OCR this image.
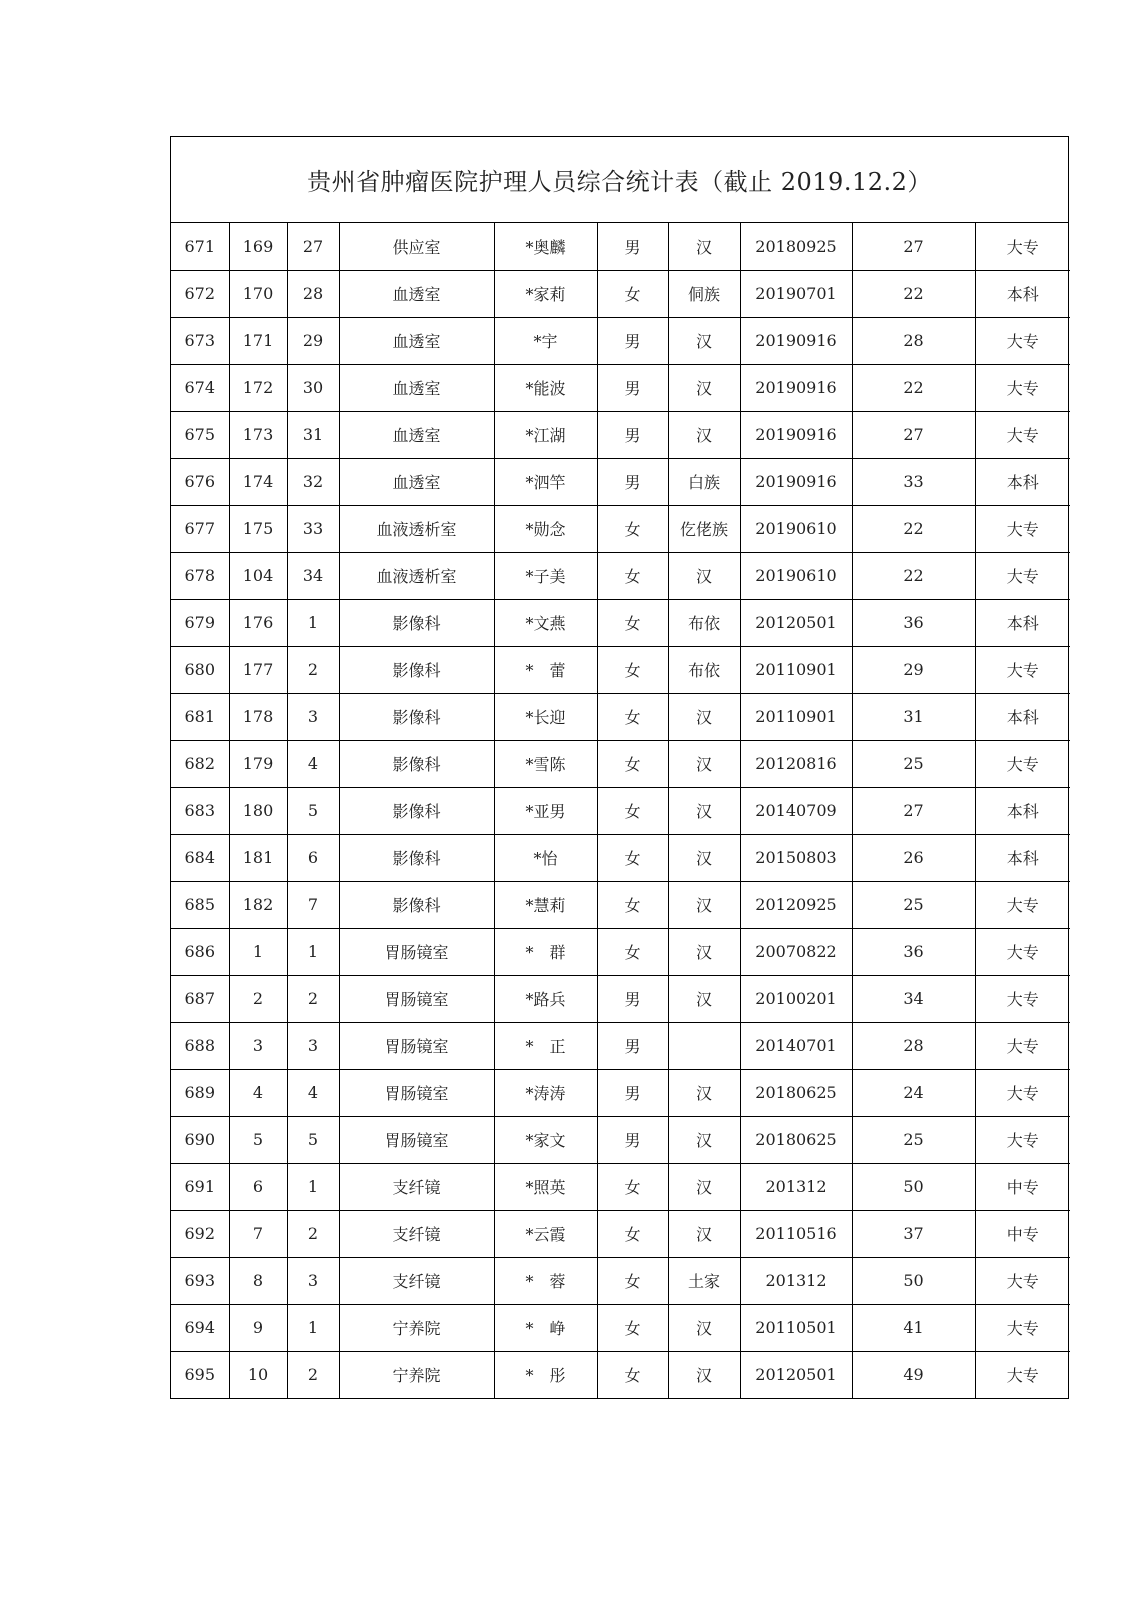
贵州省肿瘤医院护理人员综合统计表（截止 2019.12.2）
671	169	27	供应室	*奥麟	男	汉	20180925	27	大专
672	170	28	血透室	*家莉	女	侗族	20190701	22	本科
673	171	29	血透室	*宇	男	汉	20190916	28	大专
674	172	30	血透室	*能波	男	汉	20190916	22	大专
675	173	31	血透室	*江湖	男	汉	20190916	27	大专
676	174	32	血透室	*泗竿	男	白族	20190916	33	本科
677	175	33	血液透析室	*勋念	女	仡佬族	20190610	22	大专
678	104	34	血液透析室	*子美	女	汉	20190610	22	大专
679	176	1	影像科	*文燕	女	布依	20120501	36	本科
680	177	2	影像科	*　蕾	女	布依	20110901	29	大专
681	178	3	影像科	*长迎	女	汉	20110901	31	本科
682	179	4	影像科	*雪陈	女	汉	20120816	25	大专
683	180	5	影像科	*亚男	女	汉	20140709	27	本科
684	181	6	影像科	*怡	女	汉	20150803	26	本科
685	182	7	影像科	*慧莉	女	汉	20120925	25	大专
686	1	1	胃肠镜室	*　群	女	汉	20070822	36	大专
687	2	2	胃肠镜室	*路兵	男	汉	20100201	34	大专
688	3	3	胃肠镜室	*　正	男		20140701	28	大专
689	4	4	胃肠镜室	*涛涛	男	汉	20180625	24	大专
690	5	5	胃肠镜室	*家文	男	汉	20180625	25	大专
691	6	1	支纤镜	*照英	女	汉	201312	50	中专
692	7	2	支纤镜	*云霞	女	汉	20110516	37	中专
693	8	3	支纤镜	*　蓉	女	土家	201312	50	大专
694	9	1	宁养院	*　峥	女	汉	20110501	41	大专
695	10	2	宁养院	*　彤	女	汉	20120501	49	大专
